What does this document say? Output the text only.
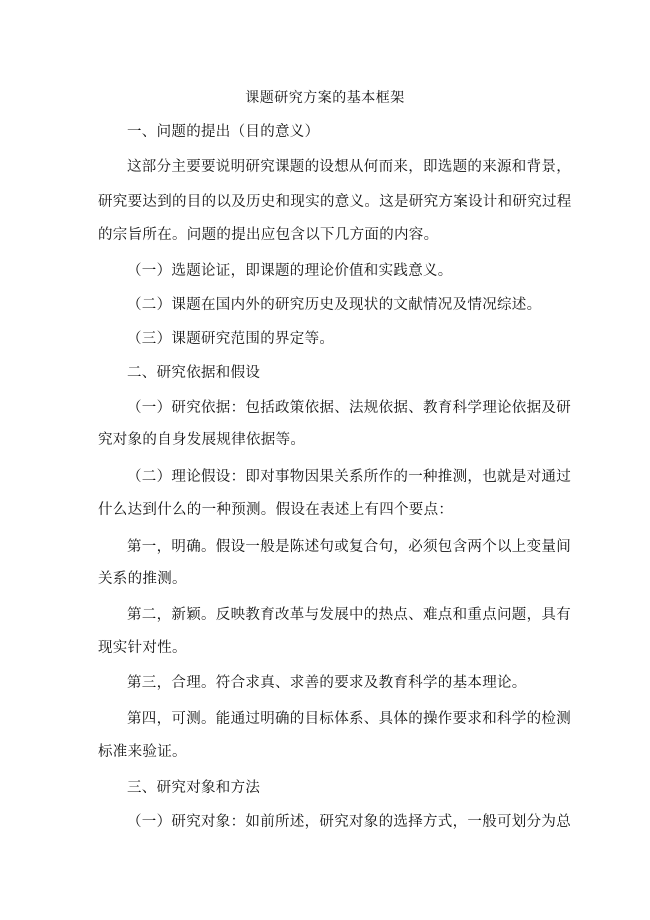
课题研究方案的基本框架

一、问题的提出（目的意义）

这部分主要要说明研究课题的设想从何而来，即选题的来源和背景，

研究要达到的目的以及历史和现实的意义。这是研究方案设计和研究过程

的宗旨所在。问题的提出应包含以下几方面的内容。

（一）选题论证，即课题的理论价值和实践意义。

（二）课题在国内外的研究历史及现状的文献情况及情况综述。

（三）课题研究范围的界定等。

二、研究依据和假设

（一）研究依据：包括政策依据、法规依据、教育科学理论依据及研

究对象的自身发展规律依据等。

（二）理论假设：即对事物因果关系所作的一种推测，也就是对通过

什么达到什么的一种预测。假设在表述上有四个要点：

第一，明确。假设一般是陈述句或复合句，必须包含两个以上变量间

关系的推测。

第二，新颖。反映教育改革与发展中的热点、难点和重点问题，具有

现实针对性。

第三，合理。符合求真、求善的要求及教育科学的基本理论。

第四，可测。能通过明确的目标体系、具体的操作要求和科学的检测

标准来验证。

三、研究对象和方法

（一）研究对象：如前所述，研究对象的选择方式，一般可划分为总
